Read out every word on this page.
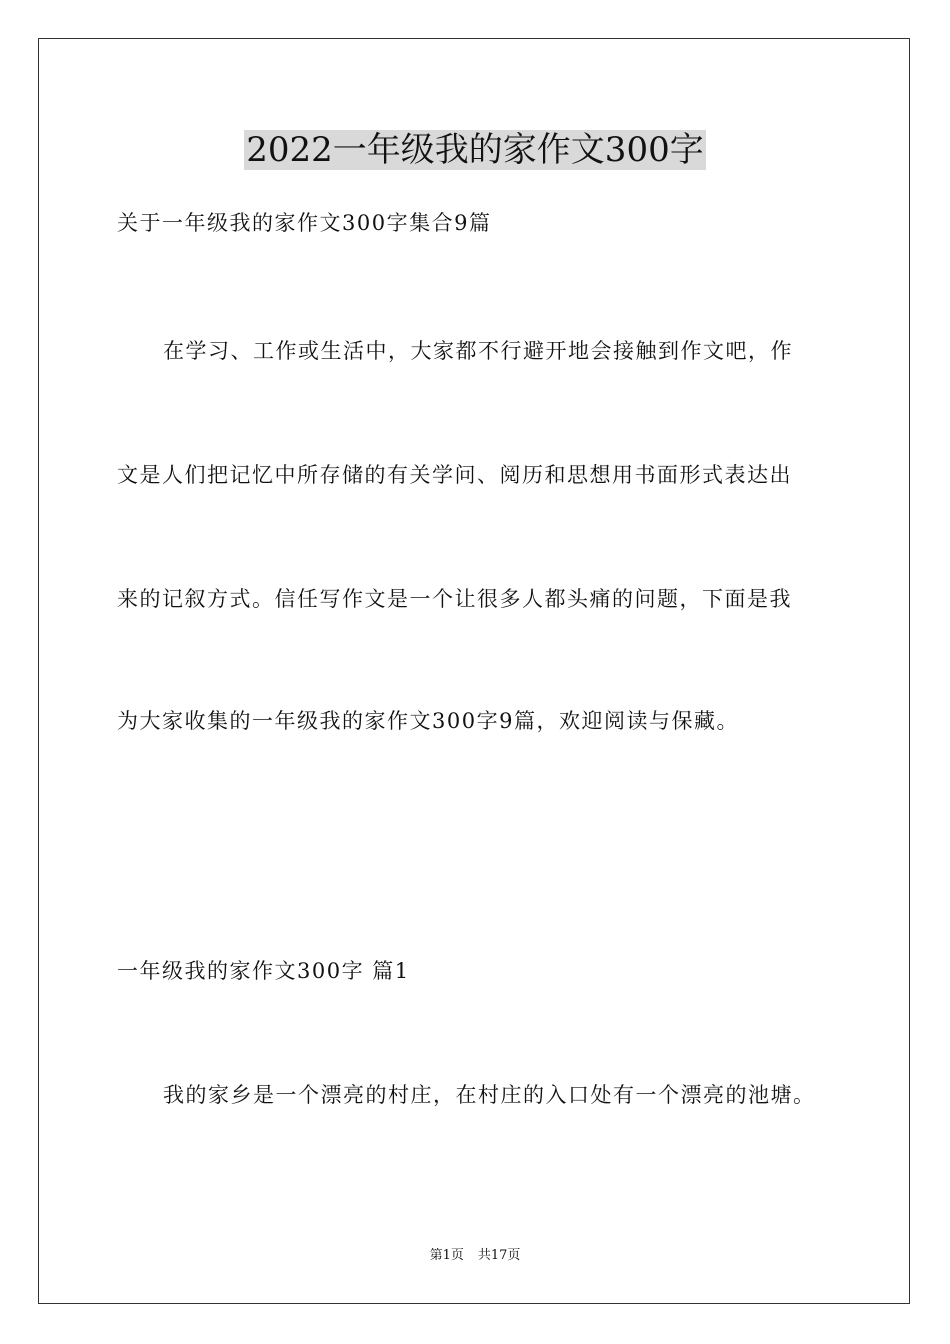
2022一年级我的家作文300字
关于一年级我的家作文300字集合9篇
在学习、工作或生活中，大家都不行避开地会接触到作文吧，作
文是人们把记忆中所存储的有关学问、阅历和思想用书面形式表达出
来的记叙方式。信任写作文是一个让很多人都头痛的问题，下面是我
为大家收集的一年级我的家作文300字9篇，欢迎阅读与保藏。
一年级我的家作文300字 篇1
我的家乡是一个漂亮的村庄，在村庄的入口处有一个漂亮的池塘。
第1页 共17页
